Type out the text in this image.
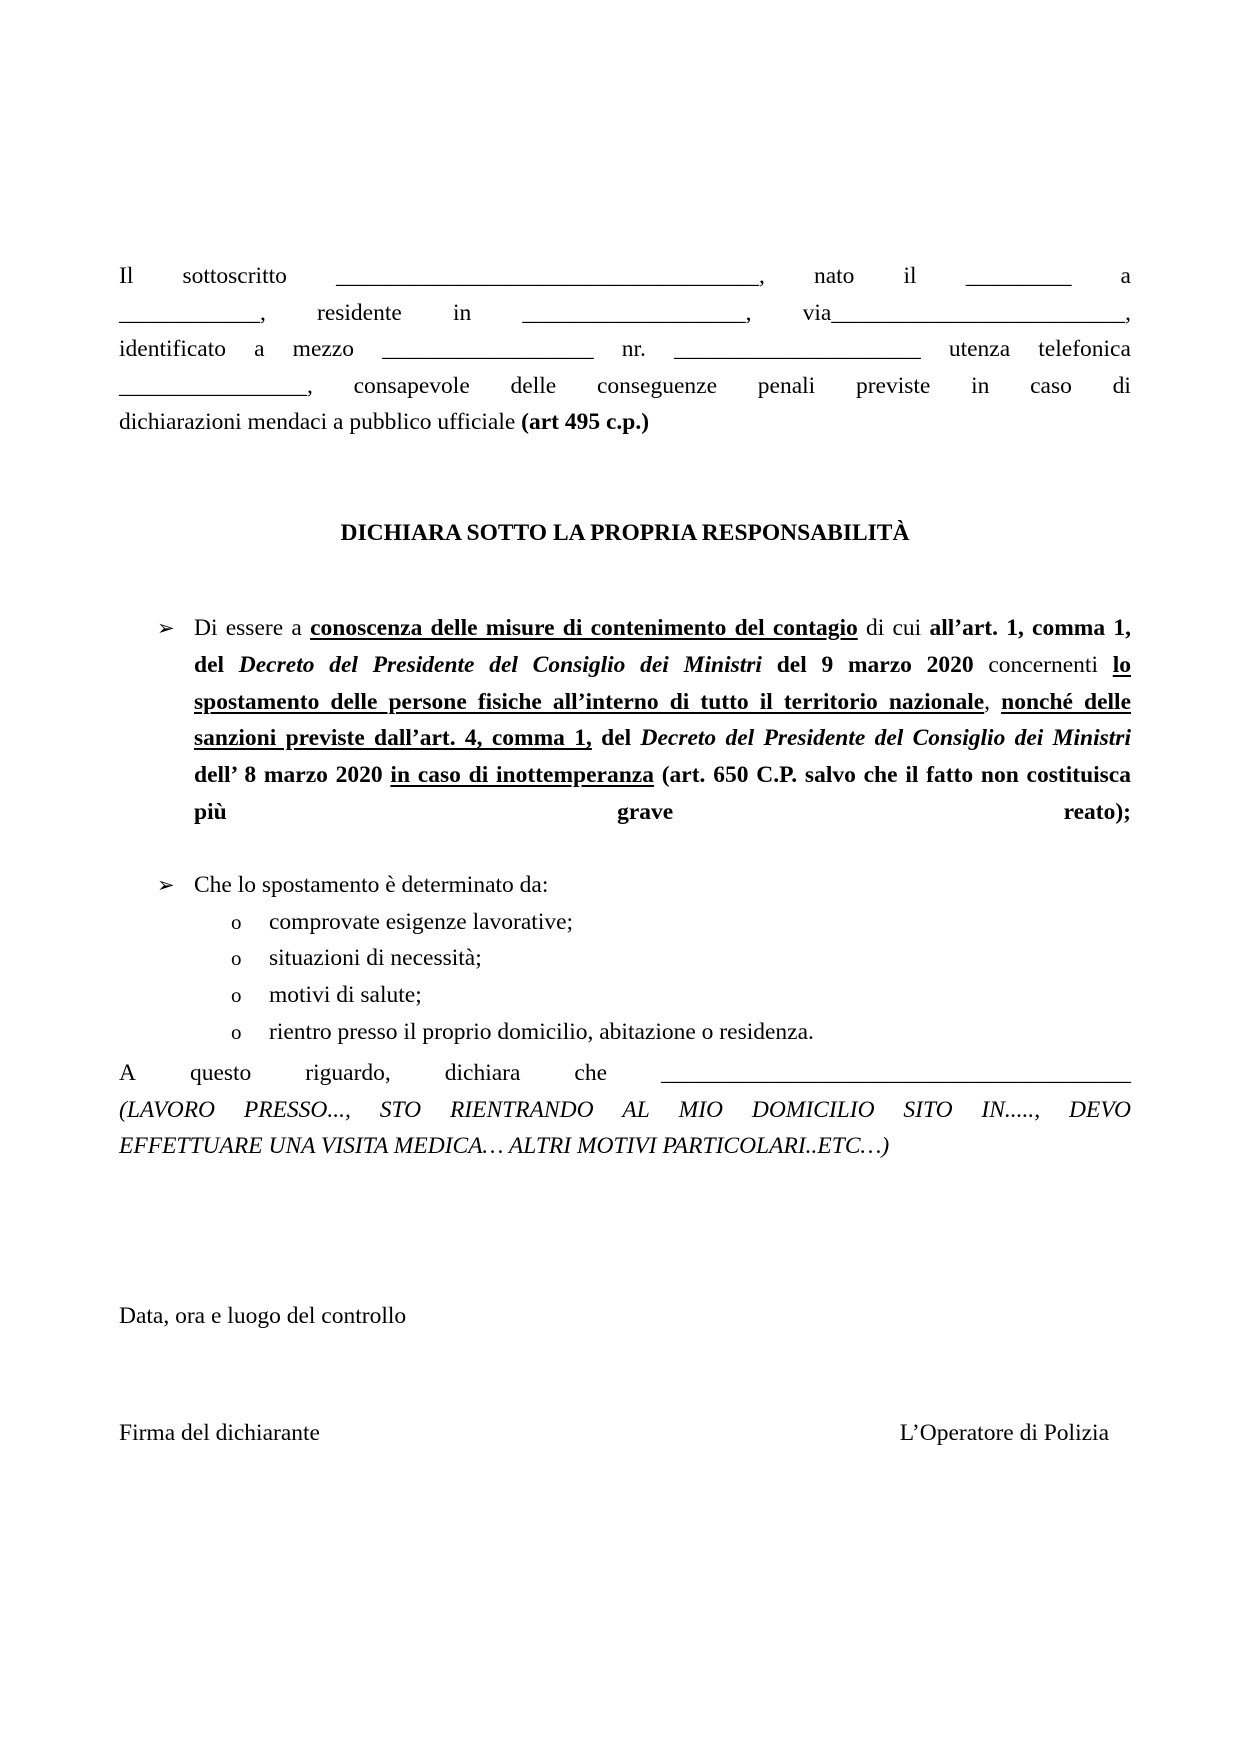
Il sottoscritto ____________________________________, nato il _________ a
____________, residente in ___________________, via_________________________,
identificato a mezzo __________________ nr. _____________________ utenza telefonica
________________, consapevole delle conseguenze penali previste in caso di
dichiarazioni mendaci a pubblico ufficiale (art 495 c.p.)
DICHIARA SOTTO LA PROPRIA RESPONSABILITÀ
➢ Di essere a conoscenza delle misure di contenimento del contagio di cui all’art. 1, comma 1, del Decreto del Presidente del Consiglio dei Ministri del 9 marzo 2020 concernenti lo spostamento delle persone fisiche all’interno di tutto il territorio nazionale, nonché delle sanzioni previste dall’art. 4, comma 1, del Decreto del Presidente del Consiglio dei Ministri dell’ 8 marzo 2020 in caso di inottemperanza (art. 650 C.P. salvo che il fatto non costituisca più grave reato);
➢ Che lo spostamento è determinato da:
o comprovate esigenze lavorative;
o situazioni di necessità;
o motivi di salute;
o rientro presso il proprio domicilio, abitazione o residenza.
A questo riguardo, dichiara che ________________________________________
(LAVORO PRESSO..., STO RIENTRANDO AL MIO DOMICILIO SITO IN....., DEVO
EFFETTUARE UNA VISITA MEDICA… ALTRI MOTIVI PARTICOLARI..ETC…)
Data, ora e luogo del controllo
Firma del dichiarante	L’Operatore di Polizia
